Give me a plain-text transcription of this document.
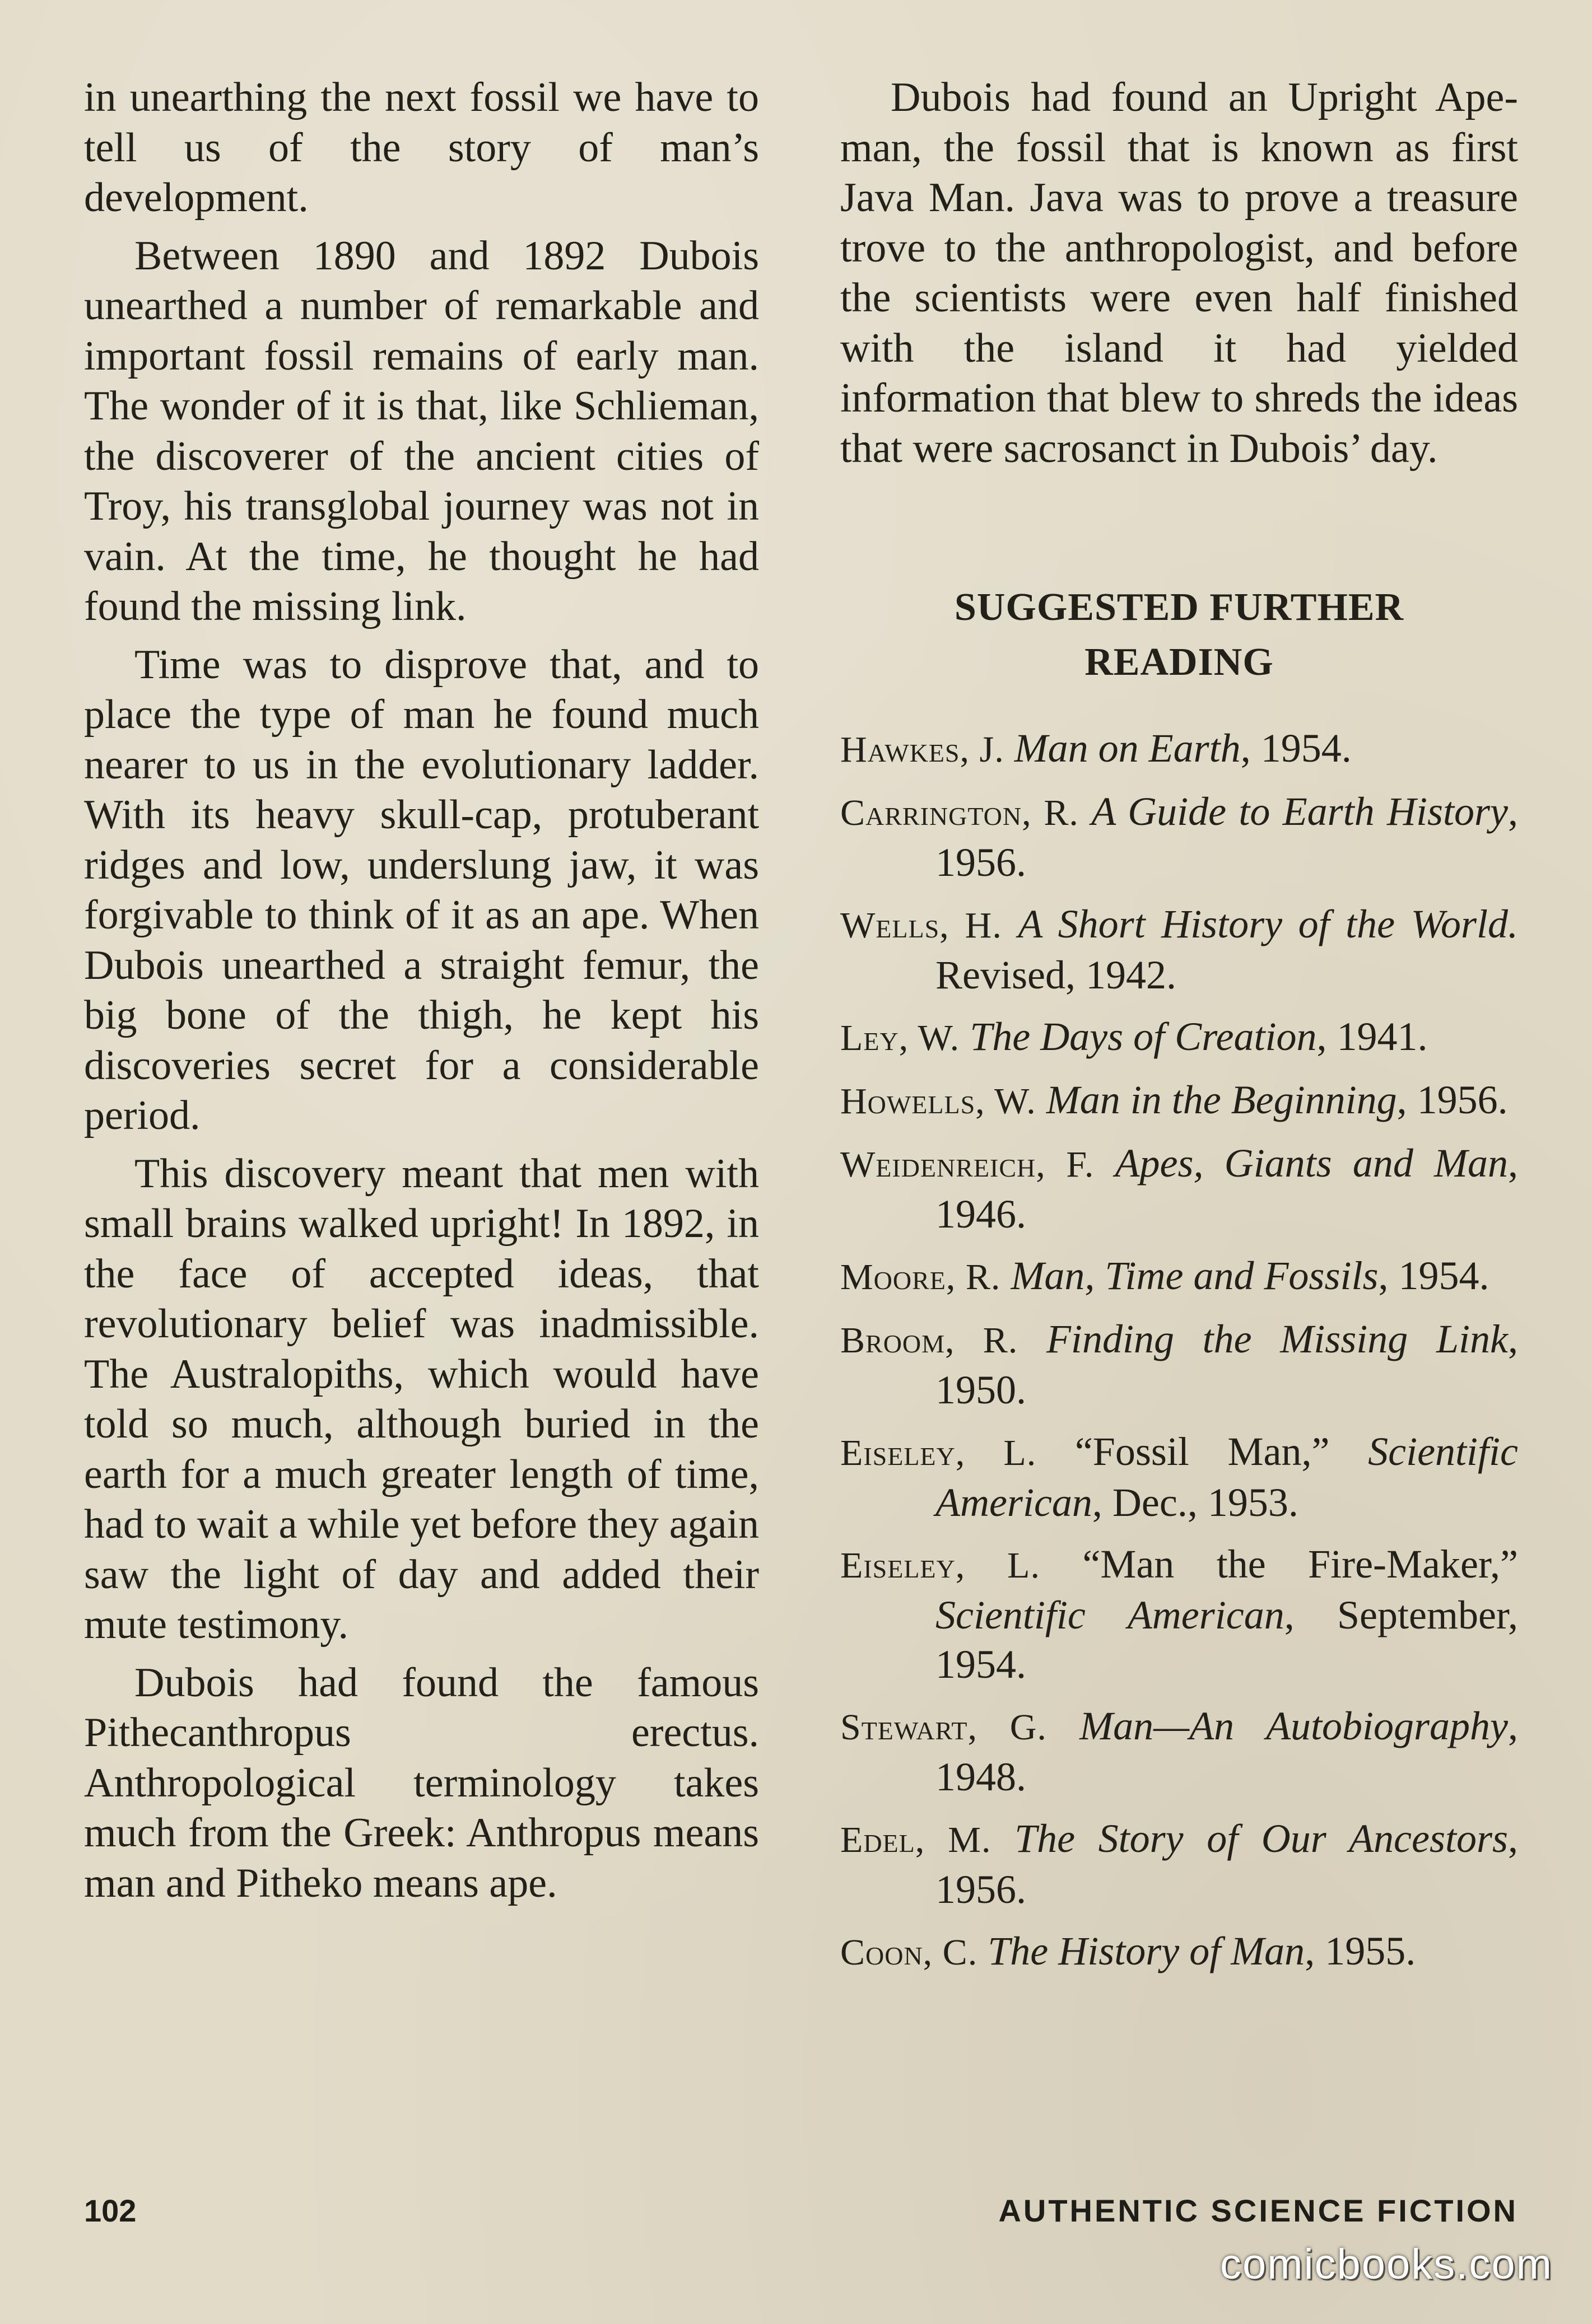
in unearthing the next fossil we have to tell us of the story of man’s development.

Between 1890 and 1892 Dubois unearthed a number of remarkable and important fossil remains of early man. The wonder of it is that, like Schlieman, the discoverer of the ancient cities of Troy, his transglobal journey was not in vain. At the time, he thought he had found the missing link.

Time was to disprove that, and to place the type of man he found much nearer to us in the evolutionary ladder. With its heavy skull-cap, protuberant ridges and low, underslung jaw, it was forgivable to think of it as an ape. When Dubois unearthed a straight femur, the big bone of the thigh, he kept his discoveries secret for a considerable period.

This discovery meant that men with small brains walked upright! In 1892, in the face of accepted ideas, that revolutionary belief was inadmissible. The Australopiths, which would have told so much, although buried in the earth for a much greater length of time, had to wait a while yet before they again saw the light of day and added their mute testimony.

Dubois had found the famous Pithecanthropus erectus. Anthropological terminology takes much from the Greek: Anthropus means man and Pitheko means ape.

Dubois had found an Upright Ape-man, the fossil that is known as first Java Man. Java was to prove a treasure trove to the anthropologist, and before the scientists were even half finished with the island it had yielded information that blew to shreds the ideas that were sacrosanct in Dubois’ day.

SUGGESTED FURTHER READING
Hawkes, J. Man on Earth, 1954.
Carrington, R. A Guide to Earth History, 1956.
Wells, H. A Short History of the World. Revised, 1942.
Ley, W. The Days of Creation, 1941.
Howells, W. Man in the Beginning, 1956.
Weidenreich, F. Apes, Giants and Man, 1946.
Moore, R. Man, Time and Fossils, 1954.
Broom, R. Finding the Missing Link, 1950.
Eiseley, L. “Fossil Man,” Scientific American, Dec., 1953.
Eiseley, L. “Man the Fire-Maker,” Scientific American, September, 1954.
Stewart, G. Man—An Autobiography, 1948.
Edel, M. The Story of Our Ancestors, 1956.
Coon, C. The History of Man, 1955.
102	AUTHENTIC SCIENCE FICTION
comicbooks.com
